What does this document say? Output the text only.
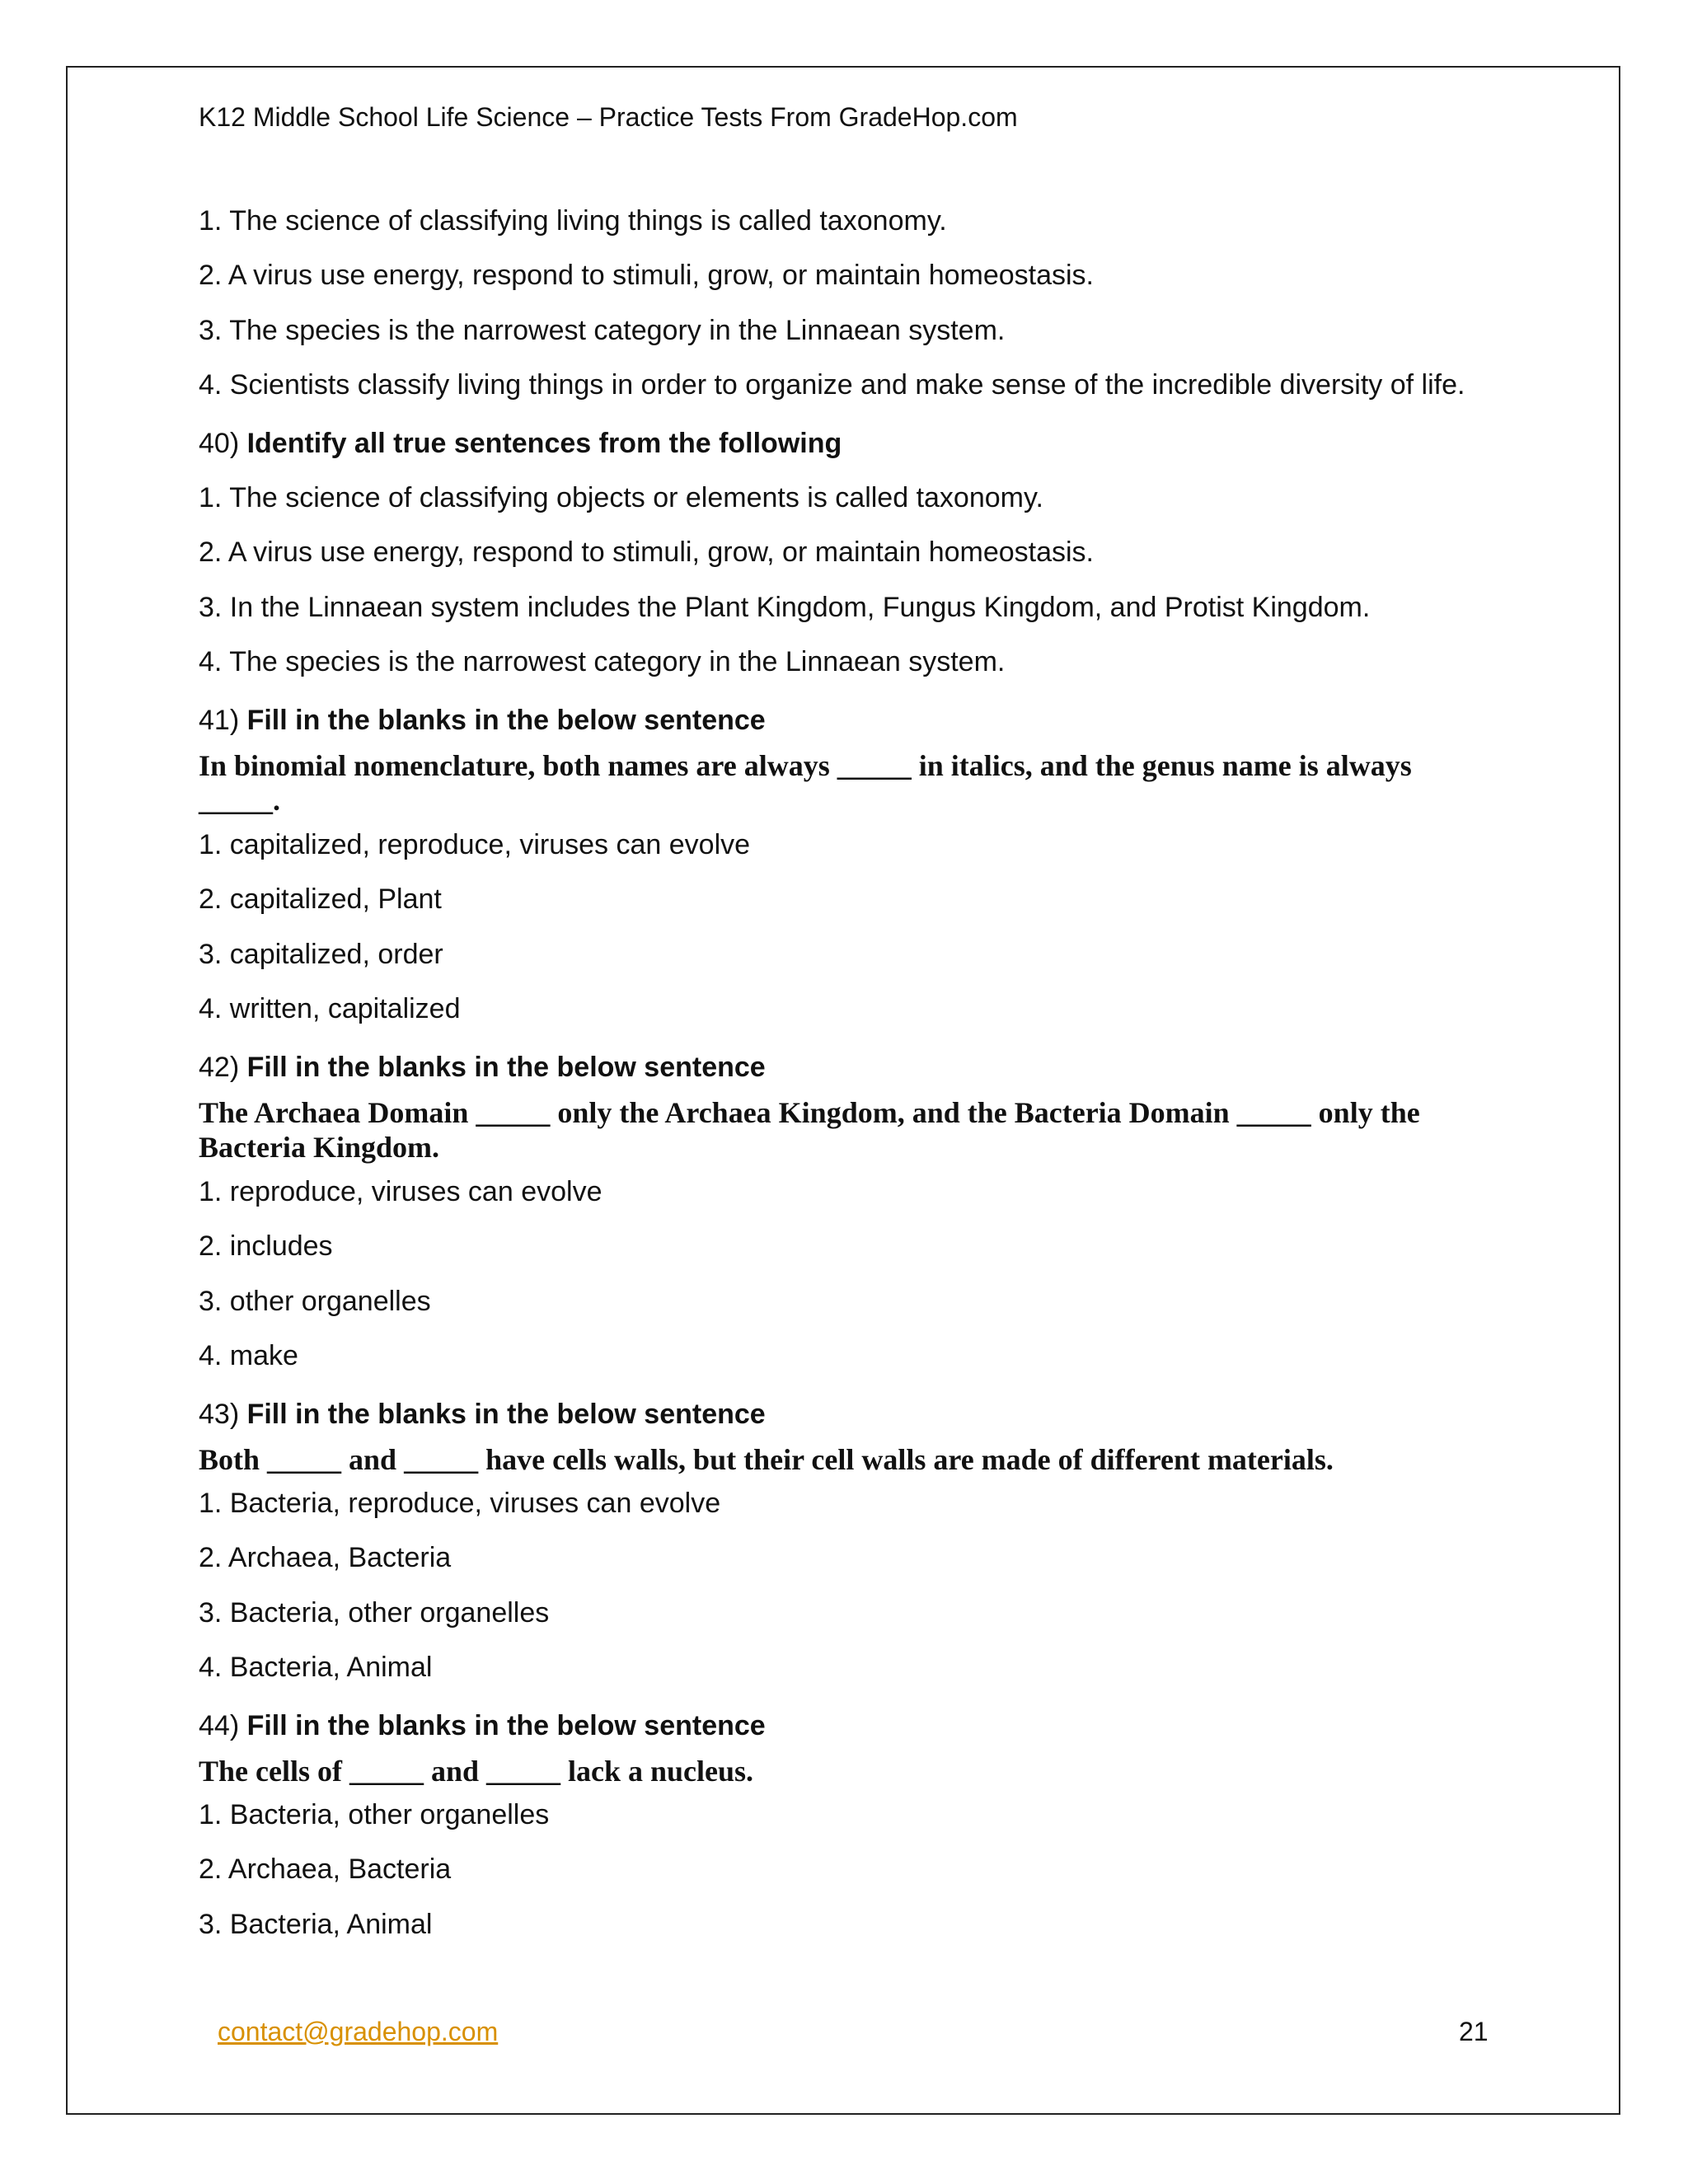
K12 Middle School Life Science – Practice Tests From GradeHop.com
1. The science of classifying living things is called taxonomy.
2. A virus use energy, respond to stimuli, grow, or maintain homeostasis.
3. The species is the narrowest category in the Linnaean system.
4. Scientists classify living things in order to organize and make sense of the incredible diversity of life.
40) Identify all true sentences from the following
1. The science of classifying objects or elements is called taxonomy.
2. A virus use energy, respond to stimuli, grow, or maintain homeostasis.
3. In the Linnaean system includes the Plant Kingdom, Fungus Kingdom, and Protist Kingdom.
4. The species is the narrowest category in the Linnaean system.
41) Fill in the blanks in the below sentence
In binomial nomenclature, both names are always _____ in italics, and the genus name is always _____.
1. capitalized, reproduce, viruses can evolve
2. capitalized, Plant
3. capitalized, order
4. written, capitalized
42) Fill in the blanks in the below sentence
The Archaea Domain _____ only the Archaea Kingdom, and the Bacteria Domain _____ only the Bacteria Kingdom.
1. reproduce, viruses can evolve
2. includes
3. other organelles
4. make
43) Fill in the blanks in the below sentence
Both _____ and _____ have cells walls, but their cell walls are made of different materials.
1. Bacteria, reproduce, viruses can evolve
2. Archaea, Bacteria
3. Bacteria, other organelles
4. Bacteria, Animal
44) Fill in the blanks in the below sentence
The cells of _____ and _____ lack a nucleus.
1. Bacteria, other organelles
2. Archaea, Bacteria
3. Bacteria, Animal
contact@gradehop.com	21
